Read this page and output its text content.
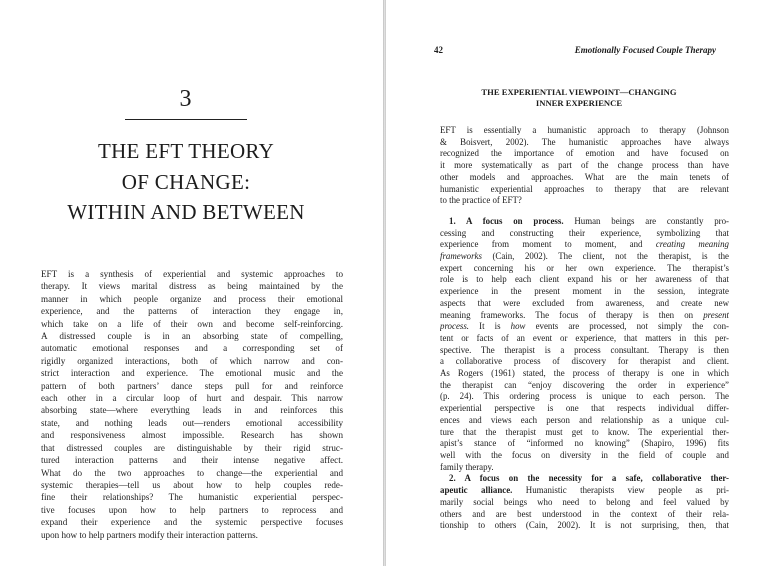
3
THE EFT THEORY
OF CHANGE:
WITHIN AND BETWEEN
EFT is a synthesis of experiential and systemic approaches to
therapy. It views marital distress as being maintained by the
manner in which people organize and process their emotional
experience, and the patterns of interaction they engage in,
which take on a life of their own and become self-reinforcing.
A distressed couple is in an absorbing state of compelling,
automatic emotional responses and a corresponding set of
rigidly organized interactions, both of which narrow and con-
strict interaction and experience. The emotional music and the
pattern of both partners’ dance steps pull for and reinforce
each other in a circular loop of hurt and despair. This narrow
absorbing state—where everything leads in and reinforces this
state, and nothing leads out—renders emotional accessibility
and responsiveness almost impossible. Research has shown
that distressed couples are distinguishable by their rigid struc-
tured interaction patterns and their intense negative affect.
What do the two approaches to change—the experiential and
systemic therapies—tell us about how to help couples rede-
fine their relationships? The humanistic experiential perspec-
tive focuses upon how to help partners to reprocess and
expand their experience and the systemic perspective focuses
upon how to help partners modify their interaction patterns.
42	Emotionally Focused Couple Therapy
THE EXPERIENTIAL VIEWPOINT—CHANGING
INNER EXPERIENCE
EFT is essentially a humanistic approach to therapy (Johnson
& Boisvert, 2002). The humanistic approaches have always
recognized the importance of emotion and have focused on
it more systematically as part of the change process than have
other models and approaches. What are the main tenets of
humanistic experiential approaches to therapy that are relevant
to the practice of EFT?
1. A focus on process. Human beings are constantly pro-
cessing and constructing their experience, symbolizing that
experience from moment to moment, and creating meaning
frameworks (Cain, 2002). The client, not the therapist, is the
expert concerning his or her own experience. The therapist’s
role is to help each client expand his or her awareness of that
experience in the present moment in the session, integrate
aspects that were excluded from awareness, and create new
meaning frameworks. The focus of therapy is then on present
process. It is how events are processed, not simply the con-
tent or facts of an event or experience, that matters in this per-
spective. The therapist is a process consultant. Therapy is then
a collaborative process of discovery for therapist and client.
As Rogers (1961) stated, the process of therapy is one in which
the therapist can “enjoy discovering the order in experience”
(p. 24). This ordering process is unique to each person. The
experiential perspective is one that respects individual differ-
ences and views each person and relationship as a unique cul-
ture that the therapist must get to know. The experiential ther-
apist’s stance of “informed no knowing” (Shapiro, 1996) fits
well with the focus on diversity in the field of couple and
family therapy.
2. A focus on the necessity for a safe, collaborative ther-
apeutic alliance. Humanistic therapists view people as pri-
marily social beings who need to belong and feel valued by
others and are best understood in the context of their rela-
tionship to others (Cain, 2002). It is not surprising, then, that
